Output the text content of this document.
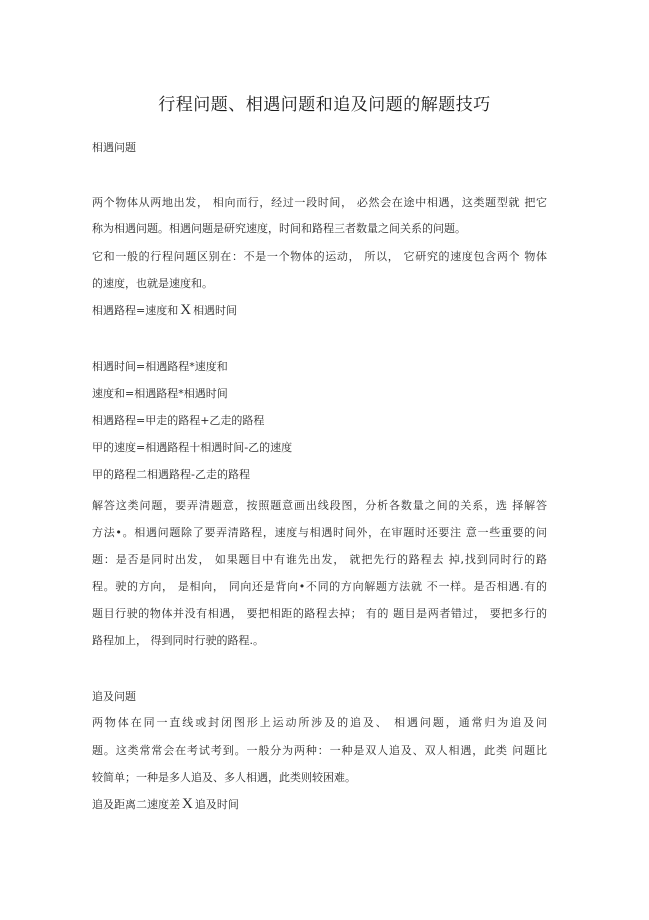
行程问题、相遇问题和追及问题的解题技巧
相遇问题
两个物体从两地出发， 相向而行，经过一段时间， 必然会在途中相遇，这类题型就 把它
称为相遇问题。相遇问题是研究速度，时间和路程三者数量之间关系的问题。
它和一般的行程问题区别在：不是一个物体的运动， 所以， 它研究的速度包含两个 物体
的速度，也就是速度和。
相遇路程=速度和 X 相遇时间
相遇时间=相遇路程*速度和
速度和=相遇路程*相遇时间
相遇路程=甲走的路程+乙走的路程
甲的速度=相遇路程十相遇时间-乙的速度
甲的路程二相遇路程-乙走的路程
解答这类问题，要弄清题意，按照题意画出线段图，分析各数量之间的关系，选 择解答
方法•。相遇问题除了要弄清路程，速度与相遇时间外，在审题时还要注 意一些重要的问
题：是否是同时出发， 如果题目中有谁先出发， 就把先行的路程去 掉,找到同时行的路
程。驶的方向， 是相向， 同向还是背向•不同的方向解题方法就 不一样。是否相遇.有的
题目行驶的物体并没有相遇， 要把相距的路程去掉； 有的 题目是两者错过， 要把多行的
路程加上， 得到同时行驶的路程.。
追及问题
两物体在同一直线或封闭图形上运动所涉及的追及、 相遇问题，通常归为追及问
题。这类常常会在考试考到。一般分为两种：一种是双人追及、双人相遇，此类 问题比
较简单；一种是多人追及、多人相遇，此类则较困难。
追及距离二速度差 X 追及时间
